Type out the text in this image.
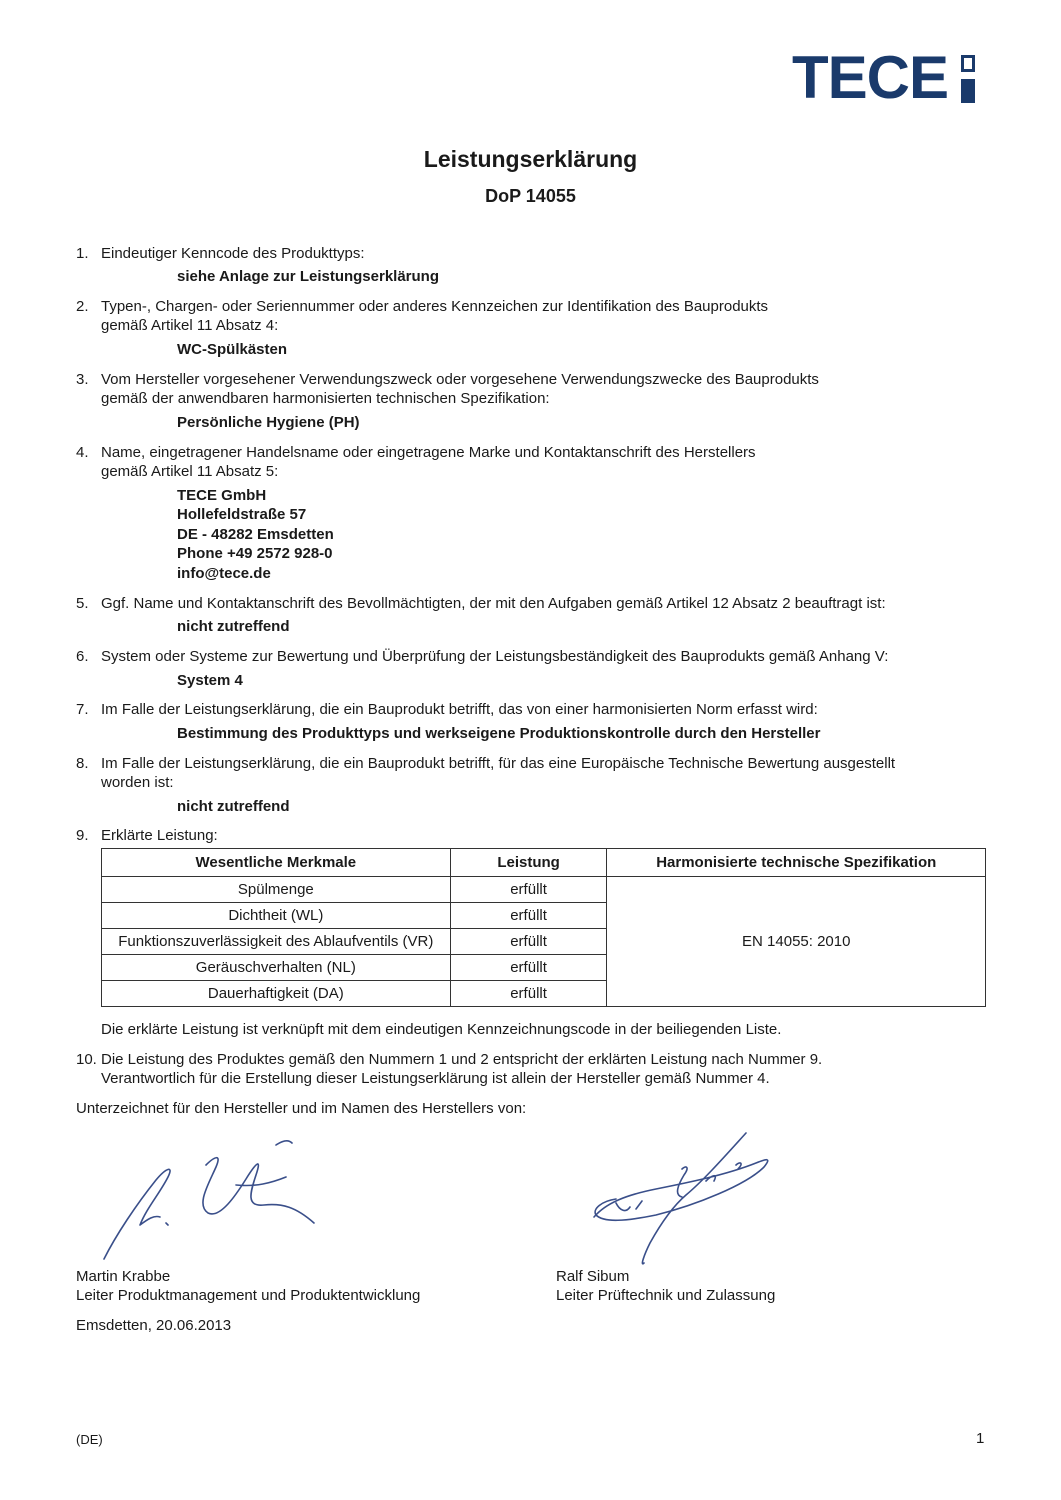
TECE
Leistungserklärung
DoP 14055
1. Eindeutiger Kenncode des Produkttyps:
siehe Anlage zur Leistungserklärung
2. Typen-, Chargen- oder Seriennummer oder anderes Kennzeichen zur Identifikation des Bauprodukts
gemäß Artikel 11 Absatz 4:
WC-Spülkästen
3. Vom Hersteller vorgesehener Verwendungszweck oder vorgesehene Verwendungszwecke des Bauprodukts
gemäß der anwendbaren harmonisierten technischen Spezifikation:
Persönliche Hygiene (PH)
4. Name, eingetragener Handelsname oder eingetragene Marke und Kontaktanschrift des Herstellers
gemäß Artikel 11 Absatz 5:
TECE GmbH
Hollefeldstraße 57
DE - 48282 Emsdetten
Phone +49 2572 928-0
info@tece.de
5. Ggf. Name und Kontaktanschrift des Bevollmächtigten, der mit den Aufgaben gemäß Artikel 12 Absatz 2 beauftragt ist:
nicht zutreffend
6. System oder Systeme zur Bewertung und Überprüfung der Leistungsbeständigkeit des Bauprodukts gemäß Anhang V:
System 4
7. Im Falle der Leistungserklärung, die ein Bauprodukt betrifft, das von einer harmonisierten Norm erfasst wird:
Bestimmung des Produkttyps und werkseigene Produktionskontrolle durch den Hersteller
8. Im Falle der Leistungserklärung, die ein Bauprodukt betrifft, für das eine Europäische Technische Bewertung ausgestellt
worden ist:
nicht zutreffend
9. Erklärte Leistung:
Wesentliche Merkmale	Leistung	Harmonisierte technische Spezifikation
Spülmenge	erfüllt	EN 14055: 2010
Dichtheit (WL)	erfüllt	
Funktionszuverlässigkeit des Ablaufventils (VR)	erfüllt	
Geräuschverhalten (NL)	erfüllt	
Dauerhaftigkeit (DA)	erfüllt	
Die erklärte Leistung ist verknüpft mit dem eindeutigen Kennzeichnungscode in der beiliegenden Liste.
10. Die Leistung des Produktes gemäß den Nummern 1 und 2 entspricht der erklärten Leistung nach Nummer 9.
Verantwortlich für die Erstellung dieser Leistungserklärung ist allein der Hersteller gemäß Nummer 4.
Unterzeichnet für den Hersteller und im Namen des Herstellers von:
Martin Krabbe
Leiter Produktmanagement und Produktentwicklung
Ralf Sibum
Leiter Prüftechnik und Zulassung
Emsdetten, 20.06.2013
(DE)	1
